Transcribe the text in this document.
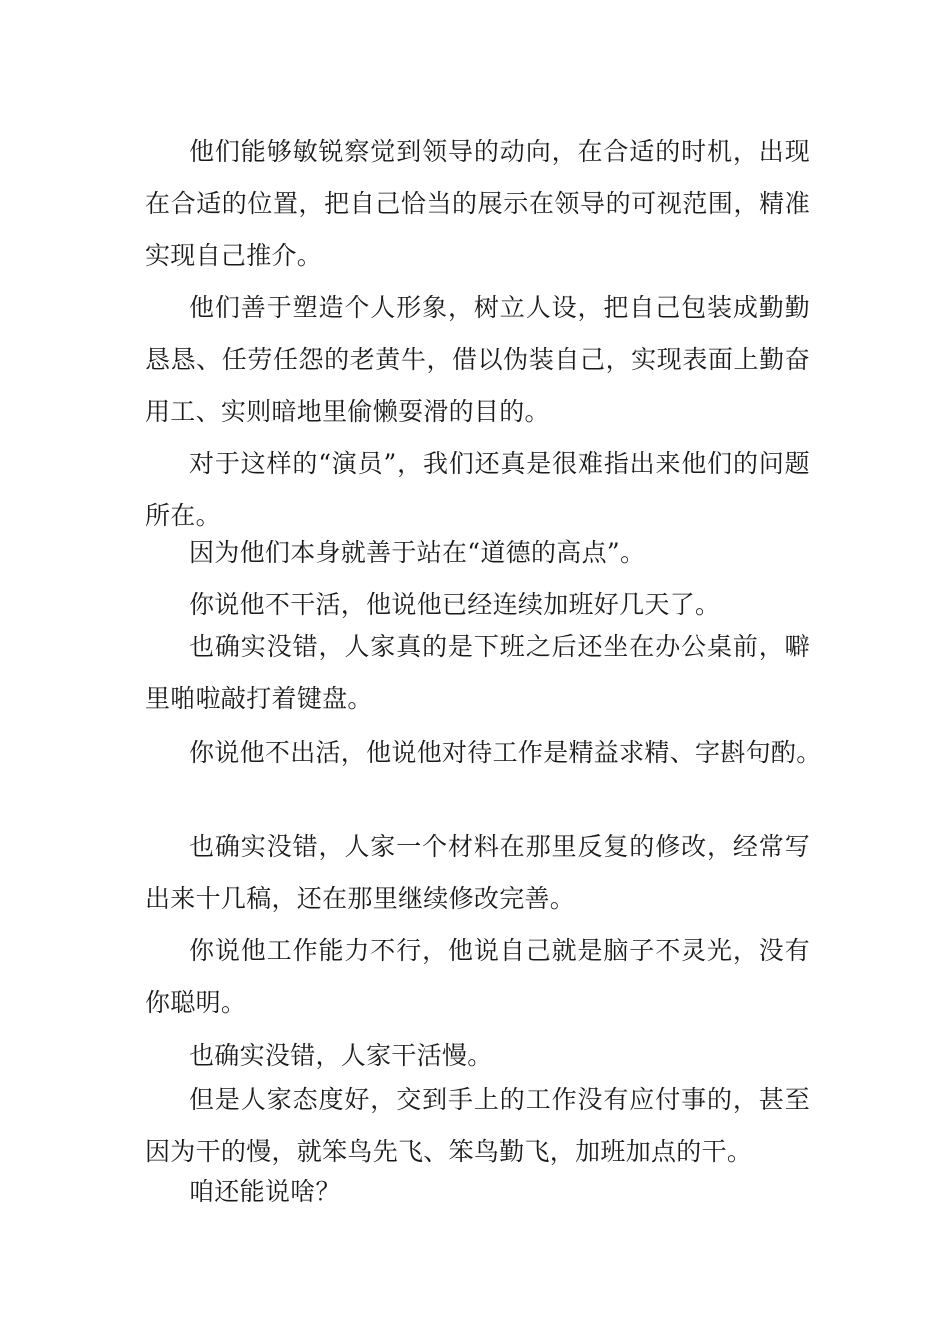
他们能够敏锐察觉到领导的动向，在合适的时机，出现在合适的位置，把自己恰当的展示在领导的可视范围，精准实现自己推介。

他们善于塑造个人形象，树立人设，把自己包装成勤勤恳恳、任劳任怨的老黄牛，借以伪装自己，实现表面上勤奋用工、实则暗地里偷懒耍滑的目的。

对于这样的“演员”，我们还真是很难指出来他们的问题所在。

因为他们本身就善于站在“道德的高点”。

你说他不干活，他说他已经连续加班好几天了。

也确实没错，人家真的是下班之后还坐在办公桌前，噼里啪啦敲打着键盘。

你说他不出活，他说他对待工作是精益求精、字斟句酌。

也确实没错，人家一个材料在那里反复的修改，经常写出来十几稿，还在那里继续修改完善。

你说他工作能力不行，他说自己就是脑子不灵光，没有你聪明。

也确实没错，人家干活慢。

但是人家态度好，交到手上的工作没有应付事的，甚至因为干的慢，就笨鸟先飞、笨鸟勤飞，加班加点的干。

咱还能说啥？
